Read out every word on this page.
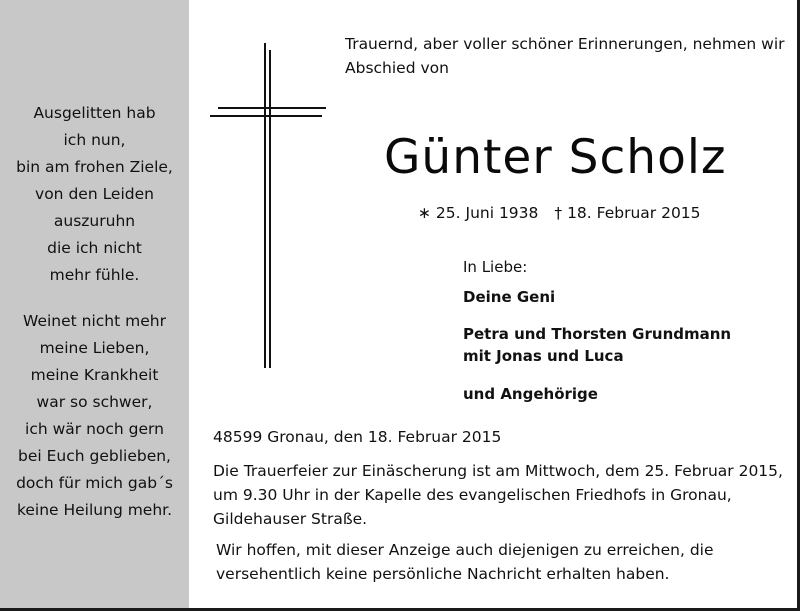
Ausgelitten hab
ich nun,
bin am frohen Ziele,
von den Leiden
auszuruhn
die ich nicht
mehr fühle.
Weinet nicht mehr
meine Lieben,
meine Krankheit
war so schwer,
ich wär noch gern
bei Euch geblieben,
doch für mich gab´s
keine Heilung mehr.
Trauernd, aber voller schöner Erinnerungen, nehmen wir
Abschied von
Günter Scholz
∗ 25. Juni 1938 † 18. Februar 2015
In Liebe:
Deine Geni
Petra und Thorsten Grundmann
mit Jonas und Luca
und Angehörige
48599 Gronau, den 18. Februar 2015
Die Trauerfeier zur Einäscherung ist am Mittwoch, dem 25. Februar 2015,
um 9.30 Uhr in der Kapelle des evangelischen Friedhofs in Gronau,
Gildehauser Straße.
Wir hoffen, mit dieser Anzeige auch diejenigen zu erreichen, die
versehentlich keine persönliche Nachricht erhalten haben.
